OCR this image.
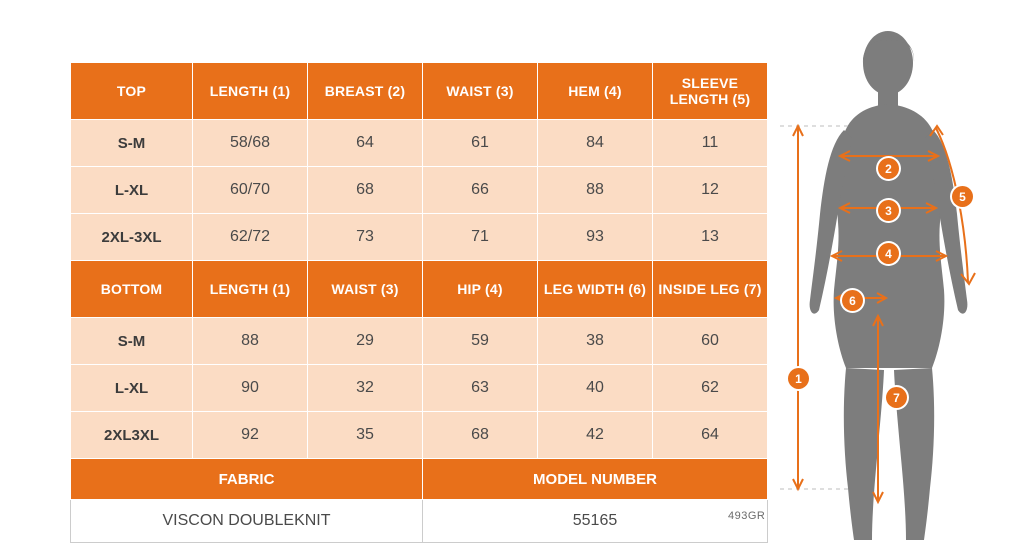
TOP	LENGTH (1)	BREAST (2)	WAIST (3)	HEM (4)	SLEEVE LENGTH (5)
S-M	58/68	64	61	84	11
L-XL	60/70	68	66	88	12
2XL-3XL	62/72	73	71	93	13
BOTTOM	LENGTH (1)	WAIST (3)	HIP (4)	LEG WIDTH (6)	INSIDE LEG (7)
S-M	88	29	59	38	60
L-XL	90	32	63	40	62
2XL3XL	92	35	68	42	64
FABRIC			MODEL NUMBER		
VISCON DOUBLEKNIT			55165			493GR
1
2
3
4
5
6
7
